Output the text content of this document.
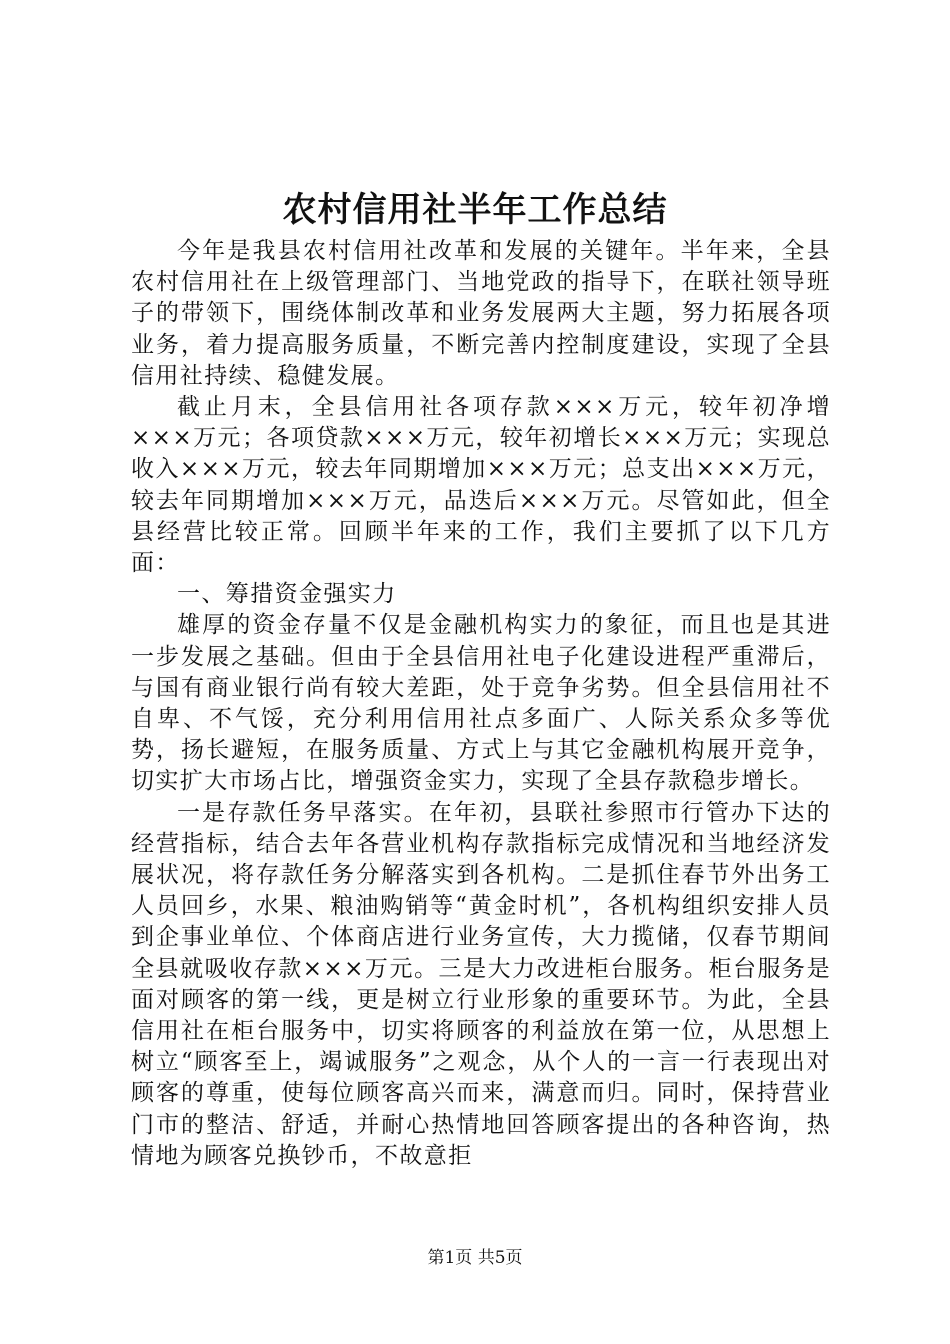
农村信用社半年工作总结

今年是我县农村信用社改革和发展的关键年。半年来，全县农村信用社在上级管理部门、当地党政的指导下，在联社领导班子的带领下，围绕体制改革和业务发展两大主题，努力拓展各项业务，着力提高服务质量，不断完善内控制度建设，实现了全县信用社持续、稳健发展。

截止月末，全县信用社各项存款×××万元，较年初净增×××万元；各项贷款×××万元，较年初增长×××万元；实现总收入×××万元，较去年同期增加×××万元；总支出×××万元，较去年同期增加×××万元，品迭后×××万元。尽管如此，但全县经营比较正常。回顾半年来的工作，我们主要抓了以下几方面：

一、筹措资金强实力

雄厚的资金存量不仅是金融机构实力的象征，而且也是其进一步发展之基础。但由于全县信用社电子化建设进程严重滞后，与国有商业银行尚有较大差距，处于竞争劣势。但全县信用社不自卑、不气馁，充分利用信用社点多面广、人际关系众多等优势，扬长避短，在服务质量、方式上与其它金融机构展开竞争，切实扩大市场占比，增强资金实力，实现了全县存款稳步增长。

一是存款任务早落实。在年初，县联社参照市行管办下达的经营指标，结合去年各营业机构存款指标完成情况和当地经济发展状况，将存款任务分解落实到各机构。二是抓住春节外出务工人员回乡，水果、粮油购销等“黄金时机”，各机构组织安排人员到企事业单位、个体商店进行业务宣传，大力揽储，仅春节期间全县就吸收存款×××万元。三是大力改进柜台服务。柜台服务是面对顾客的第一线，更是树立行业形象的重要环节。为此，全县信用社在柜台服务中，切实将顾客的利益放在第一位，从思想上树立“顾客至上，竭诚服务”之观念，从个人的一言一行表现出对顾客的尊重，使每位顾客高兴而来，满意而归。同时，保持营业门市的整洁、舒适，并耐心热情地回答顾客提出的各种咨询，热情地为顾客兑换钞币，不故意拒

第1页 共5页
